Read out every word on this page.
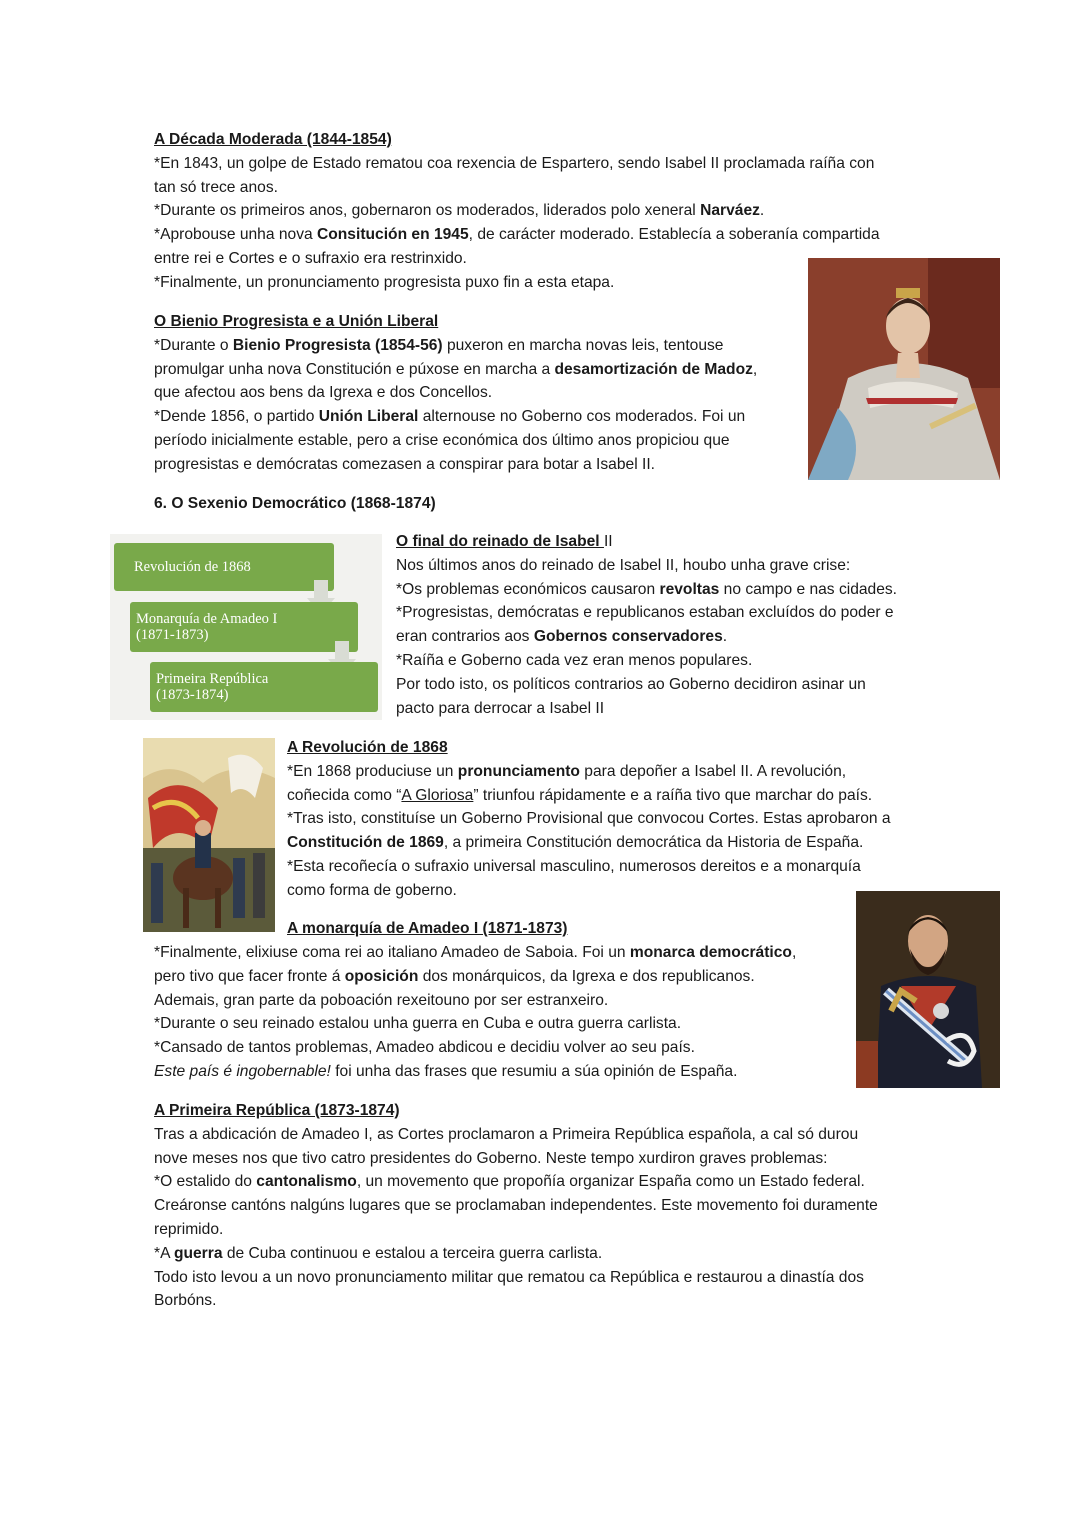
A Década Moderada (1844-1854)

*En 1843, un golpe de Estado rematou coa rexencia de Espartero, sendo Isabel II proclamada raíña con

tan só trece anos.

*Durante os primeiros anos, gobernaron os moderados, liderados polo xeneral Narváez.

*Aprobouse unha nova Consitución en 1945, de carácter moderado. Establecía a soberanía compartida

entre rei e Cortes e o sufraxio era restrinxido.

*Finalmente, un pronunciamento progresista puxo fin a esta etapa.

O Bienio Progresista e a Unión Liberal

*Durante o Bienio Progresista (1854-56) puxeron en marcha novas leis, tentouse

promulgar unha nova Constitución e púxose en marcha a desamortización de Madoz,

que afectou aos bens da Igrexa e dos Concellos.

*Dende 1856, o partido Unión Liberal alternouse no Goberno cos moderados. Foi un

período inicialmente estable, pero a crise económica dos último anos propiciou que

progresistas e demócratas comezasen a conspirar para botar a Isabel II.

6. O Sexenio Democrático (1868-1874)
Revolución de 1868
Monarquía de Amadeo I
(1871-1873)
Primeira República
(1873-1874)

O final do reinado de Isabel II

Nos últimos anos do reinado de Isabel II, houbo unha grave crise:

*Os problemas económicos causaron revoltas no campo e nas cidades.

*Progresistas, demócratas e republicanos estaban excluídos do poder e

eran contrarios aos Gobernos conservadores.

*Raíña e Goberno cada vez eran menos populares.

Por todo isto, os políticos contrarios ao Goberno decidiron asinar un

pacto para derrocar a Isabel II

A Revolución de 1868

*En 1868 produciuse un pronunciamento para depoñer a Isabel II. A revolución,

coñecida como “A Gloriosa” triunfou rápidamente e a raíña tivo que marchar do país.

*Tras isto, constituíse un Goberno Provisional que convocou Cortes. Estas aprobaron a

Constitución de 1869, a primeira Constitución democrática da Historia de España.

*Esta recoñecía o sufraxio universal masculino, numerosos dereitos e a monarquía

como forma de goberno.

A monarquía de Amadeo I (1871-1873)

*Finalmente, elixiuse coma rei ao italiano Amadeo de Saboia. Foi un monarca democrático,

pero tivo que facer fronte á oposición dos monárquicos, da Igrexa e dos republicanos.

Ademais, gran parte da poboación rexeitouno por ser estranxeiro.

*Durante o seu reinado estalou unha guerra en Cuba e outra guerra carlista.

*Cansado de tantos problemas, Amadeo abdicou e decidiu volver ao seu país.

Este país é ingobernable! foi unha das frases que resumiu a súa opinión de España.

A Primeira República (1873-1874)

Tras a abdicación de Amadeo I, as Cortes proclamaron a Primeira República española, a cal só durou

nove meses nos que tivo catro presidentes do Goberno. Neste tempo xurdiron graves problemas:

*O estalido do cantonalismo, un movemento que propoñía organizar España como un Estado federal.

Creáronse cantóns nalgúns lugares que se proclamaban independentes. Este movemento foi duramente

reprimido.

*A guerra de Cuba continuou e estalou a terceira guerra carlista.

Todo isto levou a un novo pronunciamento militar que rematou ca República e restaurou a dinastía dos

Borbóns.
